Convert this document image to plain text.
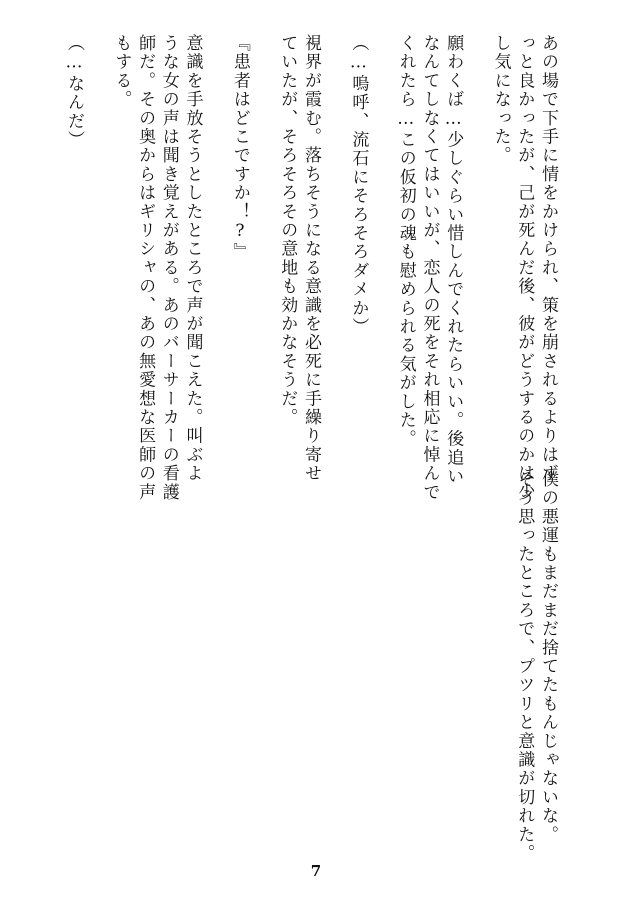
あの場で下手に情をかけられ、策を崩されるよりはず

っと良かったが、己が死んだ後、彼がどうするのかは少

し気になった。

願わくば…少しぐらい惜しんでくれたらいい。後追い

なんてしなくてはいいが、恋人の死をそれ相応に悼んで

くれたら…この仮初の魂も慰められる気がした。

（…嗚呼、流石にそろそろダメか）

視界が霞む。落ちそうになる意識を必死に手繰り寄せ

ていたが、そろそろその意地も効かなそうだ。

『患者はどこですか！?』

意識を手放そうとしたところで声が聞こえた。叫ぶよ

うな女の声は聞き覚えがある。あのバーサーカーの看護

師だ。その奥からはギリシャの、あの無愛想な医師の声

もする。

（…なんだ）

僕の悪運もまだまだ捨てたもんじゃないな。

そう思ったところで、プツリと意識が切れた。

7
